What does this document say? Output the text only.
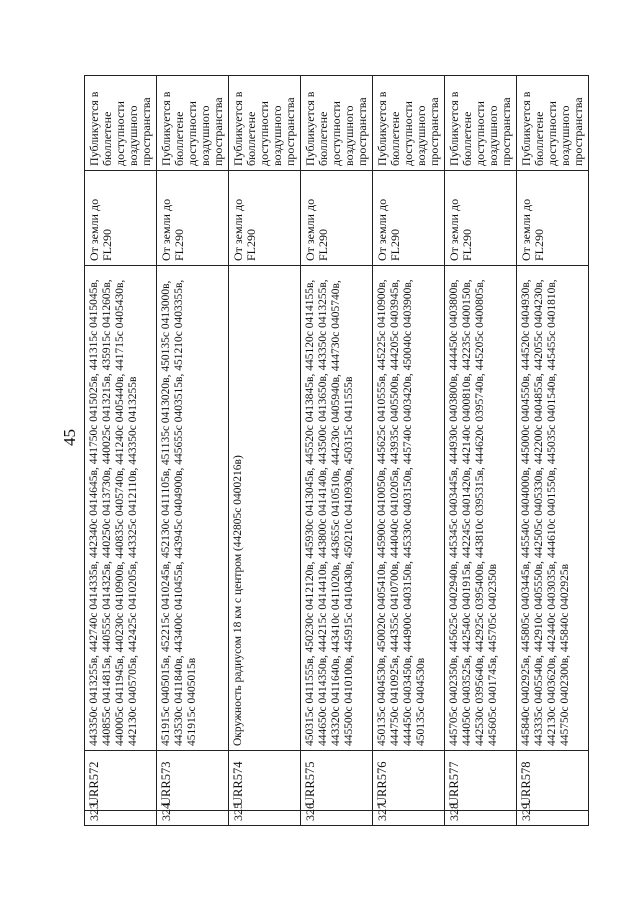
45
323.	URR572	443350с 0413255в, 442740с 0414335в, 442340с 0414645в, 441750с 0415025в, 441315с 0415045в, 440855с 0414815в, 440555с 0414325в, 440250с 0413730в, 440025с 0413215в, 435915с 0412605в, 440005с 0411945в, 440230с 0410900в, 440835с 0405740в, 441240с 0405440в, 441715с 0405430в, 442130с 0405705в, 442425с 0410205в, 443325с 0412110в, 443350с 0413255в	От земли до FL290	Публикуется в бюллетене доступности воздушного пространства
324	URR573	451915с 0405015в, 452215с 0410245в, 452130с 0411105в, 451135с 0413020в, 450135с 0413000в, 443530с 0411840в, 443400с 0410455в, 443945с 0404900в, 445655с 0403515в, 451210с 0403355в, 451915с 0405015в	От земли до FL290	Публикуется в бюллетене доступности воздушного пространства
325	URR574	Окружность радиусом 18 км с центром (442805с 0400216в)	От земли до FL290	Публикуется в бюллетене доступности воздушного пространства
326.	URR575	450315с 0411555в, 450230с 0412120в, 445930с 0413045в, 445520с 0413845в, 445120с 0414155в, 444650с 0414350в, 444215с 0414410в, 443800с 0414140в, 443500с 0413650в, 443350с 0413255в, 443320с 0411640в, 443410с 0411020в, 443655с 0410510в, 444230с 0405940в, 444730с 0405740в, 445500с 0410100в, 445915с 0410430в, 450210с 0410930в, 450315с 0411555в	От земли до FL290	Публикуется в бюллетене доступности воздушного пространства
327.	URR576	450135с 0404530в, 450020с 0405410в, 445900с 0410050в, 445625с 0410555в, 445225с 0410900в, 444750с 0410925в, 444355с 0410700в, 444040с 0410205в, 443935с 0405500в, 444205с 0403945в, 444450с 0403450в, 444900с 0403150в, 445330с 0403150в, 445740с 0403420в, 450040с 0403900в, 450135с 0404530в	От земли до FL290	Публикуется в бюллетене доступности воздушного пространства
328	URR577	445705с 0402350в, 445625с 0402940в, 445345с 0403445в, 444930с 0403800в, 444450с 0403800в, 444050с 0403525в, 442540с 0401915в, 442245с 0401420в, 442140с 0400810в, 442235с 0400150в, 442530с 0395640в, 442925с 0395400в, 443810с 0395315в, 444620с 0395740в, 445205с 0400805в, 445605с 0401745в, 445705с 0402350в	От земли до FL290	Публикуется в бюллетене доступности воздушного пространства
329.	URR578	445840с 0402925в, 445805с 0403445в, 445540с 0404000в, 445000с 0404550в, 444520с 0404930в, 443335с 0405540в, 442910с 0405550в, 442505с 0405330в, 442200с 0404855в, 442055с 0404230в, 442130с 0403620в, 442440с 0403035в, 444610с 0401550в, 445035с 0401540в, 445455с 0401810в, 445750с 0402300в, 445840с 0402925в	От земли до FL290	Публикуется в бюллетене доступности воздушного пространства
